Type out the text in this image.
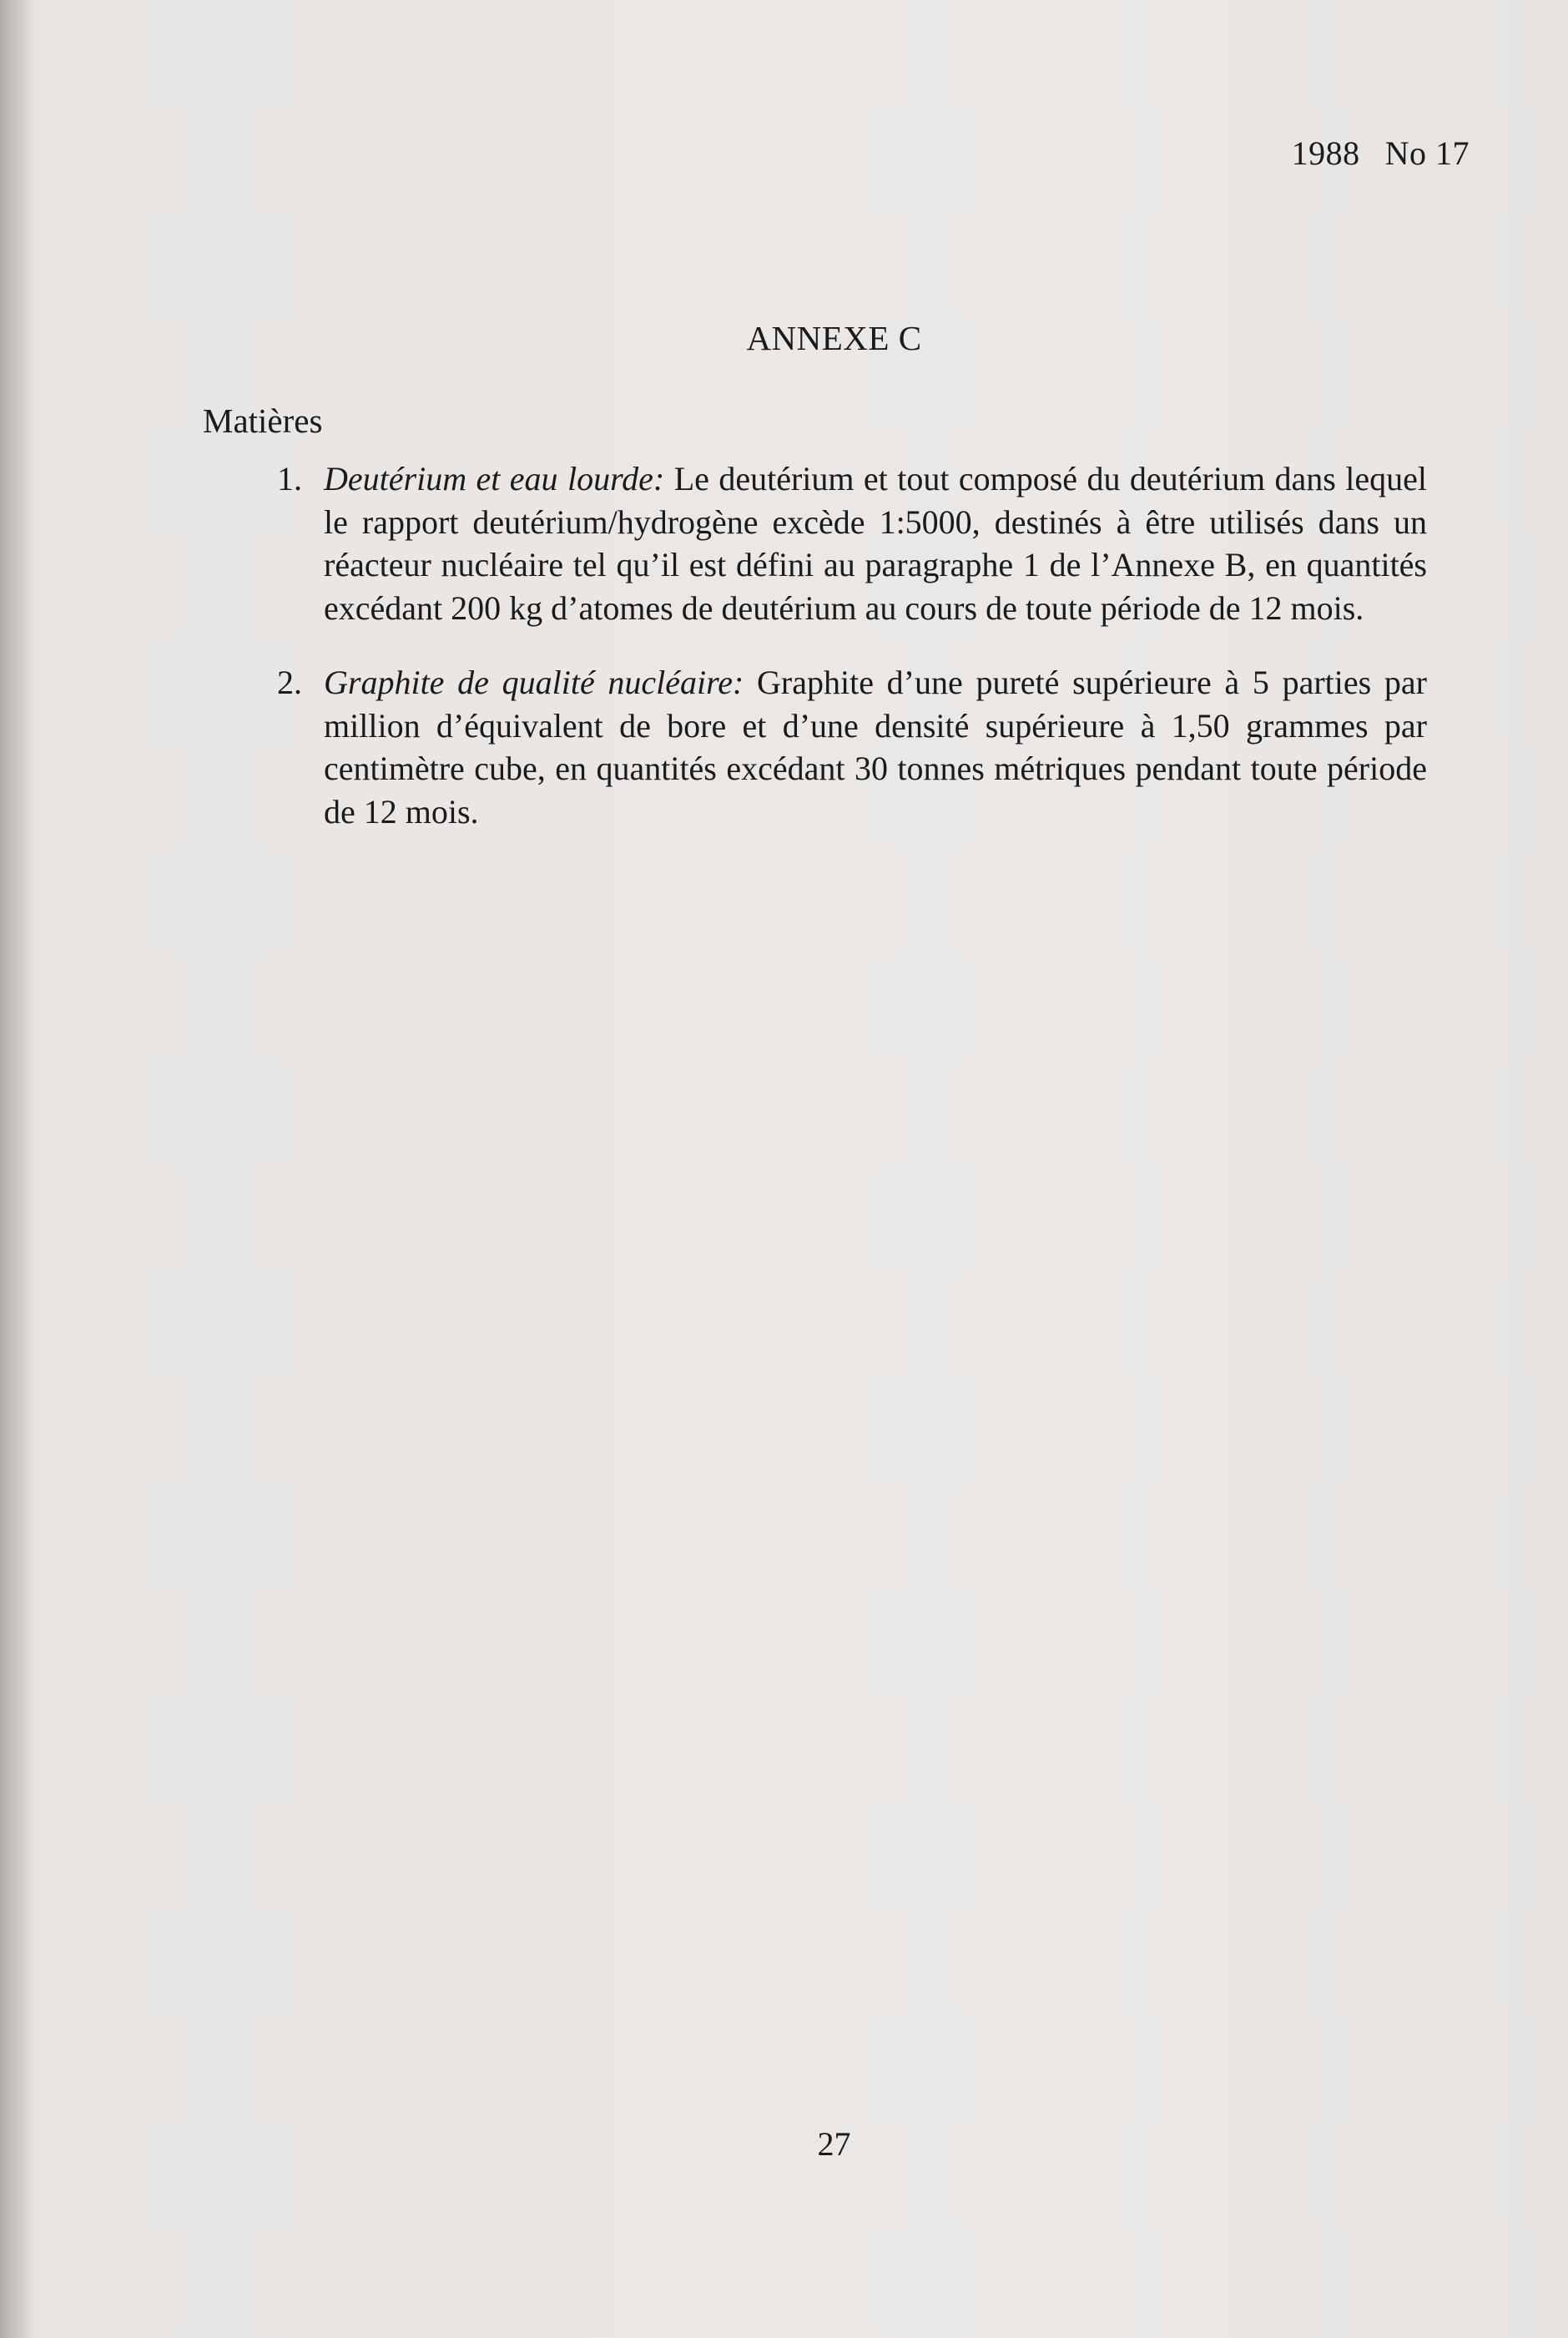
1988 No 17
ANNEXE C
Matières
1. Deutérium et eau lourde: Le deutérium et tout composé du deutérium dans lequel le rapport deutérium/hydrogène excède 1:5000, destinés à être utilisés dans un réacteur nucléaire tel qu’il est défini au paragraphe 1 de l’Annexe B, en quantités excédant 200 kg d’atomes de deutérium au cours de toute période de 12 mois.
2. Graphite de qualité nucléaire: Graphite d’une pureté supérieure à 5 parties par million d’équivalent de bore et d’une densité supérieure à 1,50 grammes par centimètre cube, en quantités excédant 30 tonnes métriques pendant toute période de 12 mois.
27
